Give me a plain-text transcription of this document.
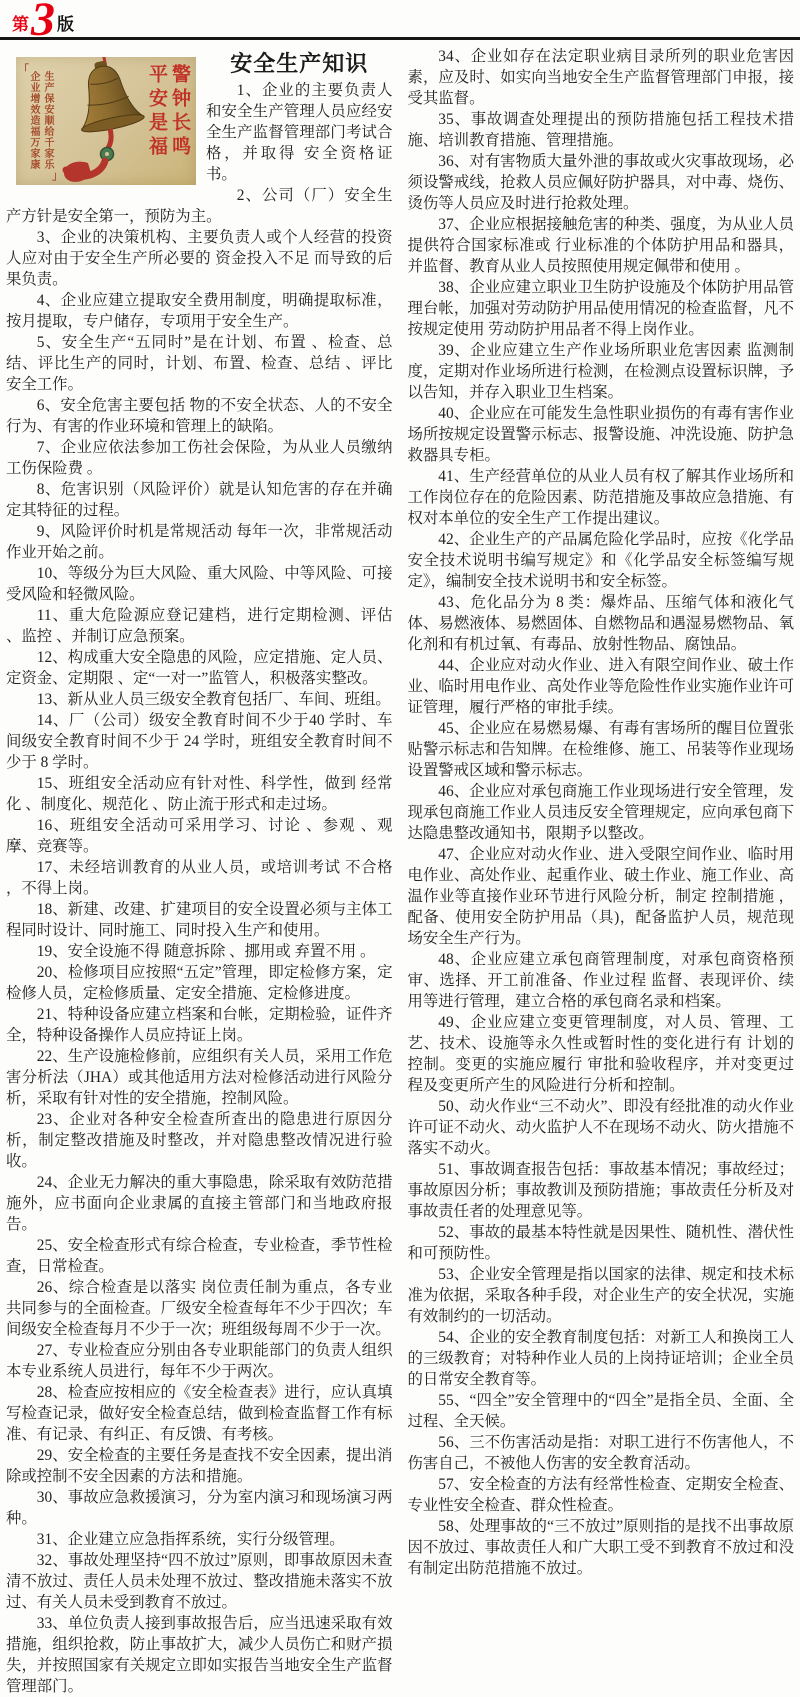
第 3 版
「
生产保安顺给千家乐 企业增效造福万家康
」
警钟长鸣 平安是福
安全生产知识

1、企业的主要负责人和安全生产管理人员应经安全生产监督管理部门考试合格，并取得 安全资格证书。

2、公司（厂）安全生产方针是安全第一，预防为主。

3、企业的决策机构、主要负责人或个人经营的投资人应对由于安全生产所必要的 资金投入不足 而导致的后果负责。

4、企业应建立提取安全费用制度，明确提取标准，按月提取，专户储存，专项用于安全生产。

5、安全生产“五同时”是在计划、布置 、检查、总结、评比生产的同时，计划、布置、检查、总结 、评比安全工作。

6、安全危害主要包括 物的不安全状态、人的不安全行为、有害的作业环境和管理上的缺陷。

7、企业应依法参加工伤社会保险，为从业人员缴纳 工伤保险费 。

8、危害识别（风险评价）就是认知危害的存在并确定其特征的过程。

9、风险评价时机是常规活动 每年一次，非常规活动 作业开始之前。

10、等级分为巨大风险、重大风险、中等风险、可接受风险和轻微风险。

11、重大危险源应登记建档，进行定期检测、评估 、监控 、并制订应急预案。

12、构成重大安全隐患的风险，应定措施、定人员、定资金、定期限 、定“一对一”监管人，积极落实整改。

13、新从业人员三级安全教育包括厂、车间、班组。

14、厂（公司）级安全教育时间不少于40 学时、车间级安全教育时间不少于 24 学时，班组安全教育时间不少于 8 学时。

15、班组安全活动应有针对性、科学性，做到 经常化 、制度化、规范化 、防止流于形式和走过场。

16、班组安全活动可采用学习、讨论 、参观 、观摩、竞赛等。

17、未经培训教育的从业人员，或培训考试 不合格 ，不得上岗。

18、新建、改建、扩建项目的安全设置必须与主体工程同时设计、同时施工、同时投入生产和使用。

19、安全设施不得 随意拆除 、挪用或 弃置不用 。

20、检修项目应按照“五定”管理，即定检修方案，定检修人员，定检修质量、定安全措施、定检修进度。

21、特种设备应建立档案和台帐，定期检验，证件齐全，特种设备操作人员应持证上岗。

22、生产设施检修前，应组织有关人员，采用工作危害分析法（JHA）或其他适用方法对检修活动进行风险分析，采取有针对性的安全措施，控制风险。

23、企业对各种安全检查所查出的隐患进行原因分析，制定整改措施及时整改，并对隐患整改情况进行验收。

24、企业无力解决的重大事隐患，除采取有效防范措施外，应书面向企业隶属的直接主管部门和当地政府报告。

25、安全检查形式有综合检查，专业检查，季节性检查，日常检查。

26、综合检查是以落实 岗位责任制为重点，各专业共同参与的全面检查。厂级安全检查每年不少于四次；车间级安全检查每月不少于一次；班组级每周不少于一次。

27、专业检查应分别由各专业职能部门的负责人组织本专业系统人员进行，每年不少于两次。

28、检查应按相应的《安全检查表》进行，应认真填写检查记录，做好安全检查总结，做到检查监督工作有标准、有记录、有纠正、有反馈、有考核。

29、安全检查的主要任务是查找不安全因素，提出消除或控制不安全因素的方法和措施。

30、事故应急救援演习，分为室内演习和现场演习两种。

31、企业建立应急指挥系统，实行分级管理。

32、事故处理坚持“四不放过”原则，即事故原因未查清不放过、责任人员未处理不放过、整改措施未落实不放过、有关人员未受到教育不放过。

33、单位负责人接到事故报告后，应当迅速采取有效措施，组织抢救，防止事故扩大，减少人员伤亡和财产损失，并按照国家有关规定立即如实报告当地安全生产监督管理部门。

34、企业如存在法定职业病目录所列的职业危害因素，应及时、如实向当地安全生产监督管理部门申报，接受其监督。

35、事故调查处理提出的预防措施包括工程技术措施、培训教育措施、管理措施。

36、对有害物质大量外泄的事故或火灾事故现场，必须设警戒线，抢救人员应佩好防护器具，对中毒、烧伤、烫伤等人员应及时进行抢救处理。

37、企业应根据接触危害的种类、强度，为从业人员提供符合国家标准或 行业标准的个体防护用品和器具，并监督、教育从业人员按照使用规定佩带和使用 。

38、企业应建立职业卫生防护设施及个体防护用品管理台帐，加强对劳动防护用品使用情况的检查监督，凡不按规定使用 劳动防护用品者不得上岗作业。

39、企业应建立生产作业场所职业危害因素 监测制度，定期对作业场所进行检测，在检测点设置标识牌，予以告知，并存入职业卫生档案。

40、企业应在可能发生急性职业损伤的有毒有害作业场所按规定设置警示标志、报警设施、冲洗设施、防护急救器具专柜。

41、生产经营单位的从业人员有权了解其作业场所和工作岗位存在的危险因素、防范措施及事故应急措施、有权对本单位的安全生产工作提出建议。

42、企业生产的产品属危险化学品时，应按《化学品安全技术说明书编写规定》和《化学品安全标签编写规定》，编制安全技术说明书和安全标签。

43、危化品分为 8 类：爆炸品、压缩气体和液化气体、易燃液体、易燃固体、自燃物品和遇湿易燃物品、氧化剂和有机过氧、有毒品、放射性物品、腐蚀品。

44、企业应对动火作业、进入有限空间作业、破土作业、临时用电作业、高处作业等危险性作业实施作业许可证管理，履行严格的审批手续。

45、企业应在易燃易爆、有毒有害场所的醒目位置张贴警示标志和告知牌。在检维修、施工、吊装等作业现场设置警戒区域和警示标志。

46、企业应对承包商施工作业现场进行安全管理，发现承包商施工作业人员违反安全管理规定，应向承包商下达隐患整改通知书，限期予以整改。

47、企业应对动火作业、进入受限空间作业、临时用电作业、高处作业、起重作业、破土作业、施工作业、高温作业等直接作业环节进行风险分析，制定 控制措施 ，配备、使用安全防护用品（具)，配备监护人员，规范现场安全生产行为。

48、企业应建立承包商管理制度，对承包商资格预审、选择、开工前准备、作业过程 监督、表现评价、续用等进行管理，建立合格的承包商名录和档案。

49、企业应建立变更管理制度，对人员、管理、工艺、技术、设施等永久性或暂时性的变化进行有 计划的控制。变更的实施应履行 审批和验收程序，并对变更过程及变更所产生的风险进行分析和控制。

50、动火作业“三不动火”、即没有经批准的动火作业许可证不动火、动火监护人不在现场不动火、防火措施不落实不动火。

51、事故调查报告包括：事故基本情况；事故经过；事故原因分析；事故教训及预防措施；事故责任分析及对事故责任者的处理意见等。

52、事故的最基本特性就是因果性、随机性、潜伏性和可预防性。

53、企业安全管理是指以国家的法律、规定和技术标准为依据，采取各种手段，对企业生产的安全状况，实施有效制约的一切活动。

54、企业的安全教育制度包括：对新工人和换岗工人的三级教育；对特种作业人员的上岗持证培训；企业全员的日常安全教育等。

55、“四全”安全管理中的“四全”是指全员、全面、全过程、全天候。

56、三不伤害活动是指：对职工进行不伤害他人，不伤害自己，不被他人伤害的安全教育活动。

57、安全检查的方法有经常性检查、定期安全检查、专业性安全检查、群众性检查。

58、处理事故的“三不放过”原则指的是找不出事故原因不放过、事故责任人和广大职工受不到教育不放过和没有制定出防范措施不放过。
